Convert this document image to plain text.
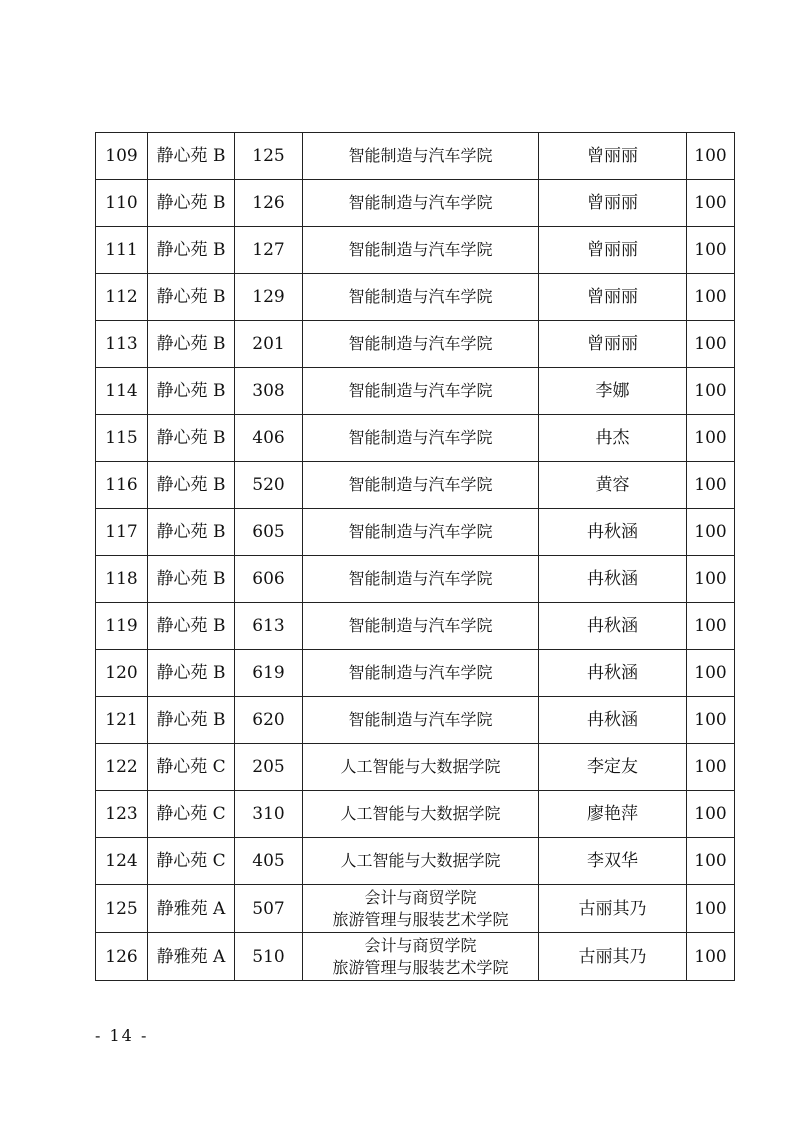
109	静心苑 B	125	智能制造与汽车学院	曾丽丽	100
110	静心苑 B	126	智能制造与汽车学院	曾丽丽	100
111	静心苑 B	127	智能制造与汽车学院	曾丽丽	100
112	静心苑 B	129	智能制造与汽车学院	曾丽丽	100
113	静心苑 B	201	智能制造与汽车学院	曾丽丽	100
114	静心苑 B	308	智能制造与汽车学院	李娜	100
115	静心苑 B	406	智能制造与汽车学院	冉杰	100
116	静心苑 B	520	智能制造与汽车学院	黄容	100
117	静心苑 B	605	智能制造与汽车学院	冉秋涵	100
118	静心苑 B	606	智能制造与汽车学院	冉秋涵	100
119	静心苑 B	613	智能制造与汽车学院	冉秋涵	100
120	静心苑 B	619	智能制造与汽车学院	冉秋涵	100
121	静心苑 B	620	智能制造与汽车学院	冉秋涵	100
122	静心苑 C	205	人工智能与大数据学院	李定友	100
123	静心苑 C	310	人工智能与大数据学院	廖艳萍	100
124	静心苑 C	405	人工智能与大数据学院	李双华	100
125	静雅苑 A	507	会计与商贸学院
旅游管理与服装艺术学院	古丽其乃	100
126	静雅苑 A	510	会计与商贸学院
旅游管理与服装艺术学院	古丽其乃	100
- 14 -
